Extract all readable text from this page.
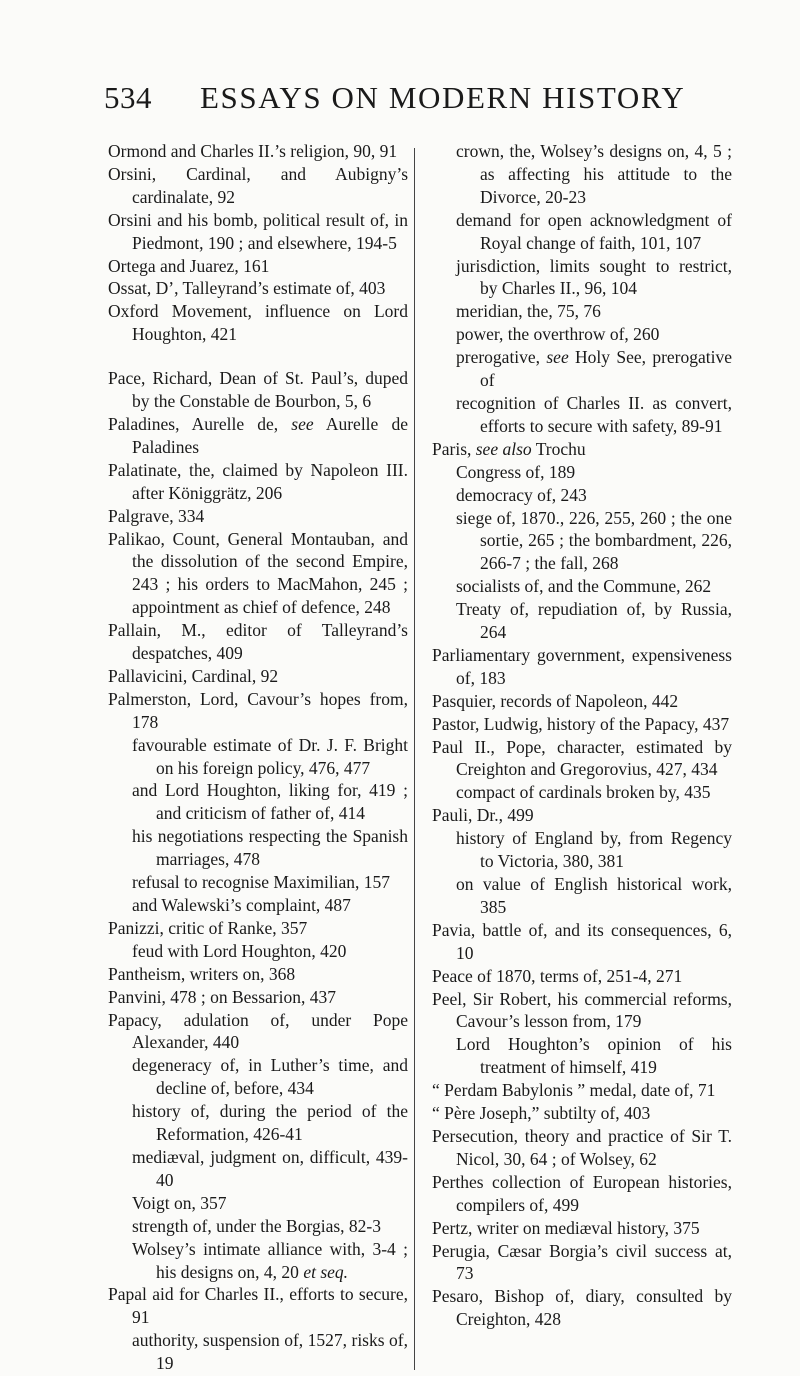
534 ESSAYS ON MODERN HISTORY

Ormond and Charles II.’s religion, 90, 91

Orsini, Cardinal, and Aubigny’s cardinalate, 92

Orsini and his bomb, political result of, in Piedmont, 190 ; and elsewhere, 194-5

Ortega and Juarez, 161

Ossat, D’, Talleyrand’s estimate of, 403

Oxford Movement, influence on Lord Houghton, 421

Pace, Richard, Dean of St. Paul’s, duped by the Constable de Bourbon, 5, 6

Paladines, Aurelle de, see Aurelle de Paladines

Palatinate, the, claimed by Napoleon III. after Königgrätz, 206

Palgrave, 334

Palikao, Count, General Montauban, and the dissolution of the second Empire, 243 ; his orders to MacMahon, 245 ; appointment as chief of defence, 248

Pallain, M., editor of Talleyrand’s despatches, 409

Pallavicini, Cardinal, 92

Palmerston, Lord, Cavour’s hopes from, 178

favourable estimate of Dr. J. F. Bright on his foreign policy, 476, 477

and Lord Houghton, liking for, 419 ; and criticism of father of, 414

his negotiations respecting the Spanish marriages, 478

refusal to recognise Maximilian, 157

and Walewski’s complaint, 487

Panizzi, critic of Ranke, 357

feud with Lord Houghton, 420

Pantheism, writers on, 368

Panvini, 478 ; on Bessarion, 437

Papacy, adulation of, under Pope Alexander, 440

degeneracy of, in Luther’s time, and decline of, before, 434

history of, during the period of the Reformation, 426-41

mediæval, judgment on, difficult, 439-40

Voigt on, 357

strength of, under the Borgias, 82-3

Wolsey’s intimate alliance with, 3-4 ; his designs on, 4, 20 et seq.

Papal aid for Charles II., efforts to secure, 91

authority, suspension of, 1527, risks of, 19

crown, the, Wolsey’s designs on, 4, 5 ; as affecting his attitude to the Divorce, 20-23

demand for open acknowledgment of Royal change of faith, 101, 107

jurisdiction, limits sought to restrict, by Charles II., 96, 104

meridian, the, 75, 76

power, the overthrow of, 260

prerogative, see Holy See, prerogative of

recognition of Charles II. as convert, efforts to secure with safety, 89-91

Paris, see also Trochu

Congress of, 189

democracy of, 243

siege of, 1870., 226, 255, 260 ; the one sortie, 265 ; the bombardment, 226, 266-7 ; the fall, 268

socialists of, and the Commune, 262

Treaty of, repudiation of, by Russia, 264

Parliamentary government, expensiveness of, 183

Pasquier, records of Napoleon, 442

Pastor, Ludwig, history of the Papacy, 437

Paul II., Pope, character, estimated by Creighton and Gregorovius, 427, 434

compact of cardinals broken by, 435

Pauli, Dr., 499

history of England by, from Regency to Victoria, 380, 381

on value of English historical work, 385

Pavia, battle of, and its consequences, 6, 10

Peace of 1870, terms of, 251-4, 271

Peel, Sir Robert, his commercial reforms, Cavour’s lesson from, 179

Lord Houghton’s opinion of his treatment of himself, 419

“ Perdam Babylonis ” medal, date of, 71

“ Père Joseph,” subtilty of, 403

Persecution, theory and practice of Sir T. Nicol, 30, 64 ; of Wolsey, 62

Perthes collection of European histories, compilers of, 499

Pertz, writer on mediæval history, 375

Perugia, Cæsar Borgia’s civil success at, 73

Pesaro, Bishop of, diary, consulted by Creighton, 428
